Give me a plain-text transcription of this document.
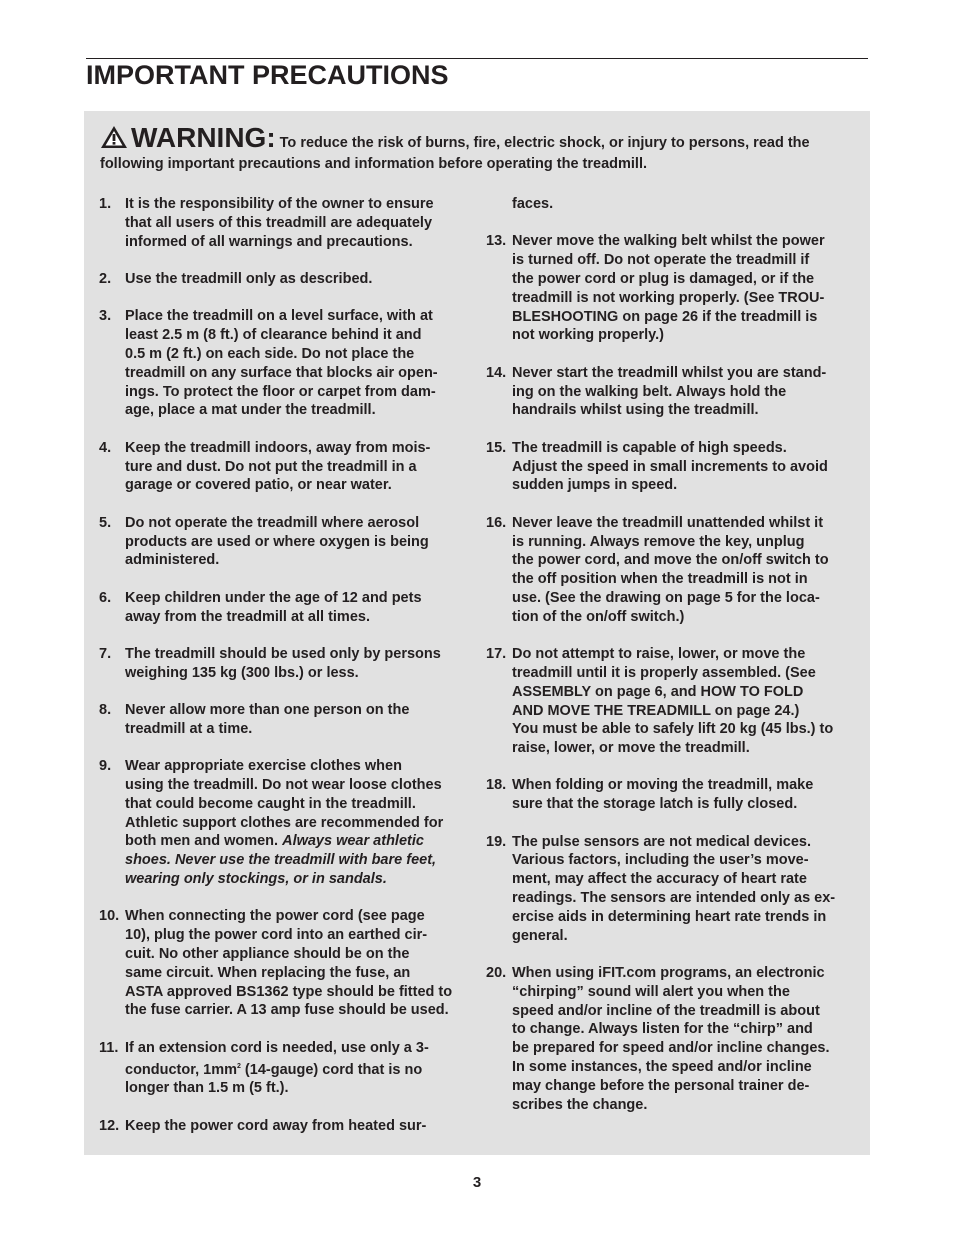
IMPORTANT PRECAUTIONS
WARNING: To reduce the risk of burns, fire, electric shock, or injury to persons, read the following important precautions and information before operating the treadmill.
1. It is the responsibility of the owner to ensure
that all users of this treadmill are adequately
informed of all warnings and precautions.
2. Use the treadmill only as described.
3. Place the treadmill on a level surface, with at
least 2.5 m (8 ft.) of clearance behind it and
0.5 m (2 ft.) on each side. Do not place the
treadmill on any surface that blocks air open-
ings. To protect the floor or carpet from dam-
age, place a mat under the treadmill.
4. Keep the treadmill indoors, away from mois-
ture and dust. Do not put the treadmill in a
garage or covered patio, or near water.
5. Do not operate the treadmill where aerosol
products are used or where oxygen is being
administered.
6. Keep children under the age of 12 and pets
away from the treadmill at all times.
7. The treadmill should be used only by persons
weighing 135 kg (300 lbs.) or less.
8. Never allow more than one person on the
treadmill at a time.
9. Wear appropriate exercise clothes when
using the treadmill. Do not wear loose clothes
that could become caught in the treadmill.
Athletic support clothes are recommended for
both men and women. Always wear athletic
shoes. Never use the treadmill with bare feet,
wearing only stockings, or in sandals.
10. When connecting the power cord (see page
10), plug the power cord into an earthed cir-
cuit. No other appliance should be on the
same circuit. When replacing the fuse, an
ASTA approved BS1362 type should be fitted to
the fuse carrier. A 13 amp fuse should be used.
11. If an extension cord is needed, use only a 3-
conductor, $1mm^2$ (14-gauge) cord that is no
longer than 1.5 m (5 ft.).
12. Keep the power cord away from heated sur-
faces.
13. Never move the walking belt whilst the power
is turned off. Do not operate the treadmill if
the power cord or plug is damaged, or if the
treadmill is not working properly. (See TROU-
BLESHOOTING on page 26 if the treadmill is
not working properly.)
14. Never start the treadmill whilst you are stand-
ing on the walking belt. Always hold the
handrails whilst using the treadmill.
15. The treadmill is capable of high speeds.
Adjust the speed in small increments to avoid
sudden jumps in speed.
16. Never leave the treadmill unattended whilst it
is running. Always remove the key, unplug
the power cord, and move the on/off switch to
the off position when the treadmill is not in
use. (See the drawing on page 5 for the loca-
tion of the on/off switch.)
17. Do not attempt to raise, lower, or move the
treadmill until it is properly assembled. (See
ASSEMBLY on page 6, and HOW TO FOLD
AND MOVE THE TREADMILL on page 24.)
You must be able to safely lift 20 kg (45 lbs.) to
raise, lower, or move the treadmill.
18. When folding or moving the treadmill, make
sure that the storage latch is fully closed.
19. The pulse sensors are not medical devices.
Various factors, including the user’s move-
ment, may affect the accuracy of heart rate
readings. The sensors are intended only as ex-
ercise aids in determining heart rate trends in
general.
20. When using iFIT.com programs, an electronic
“chirping” sound will alert you when the
speed and/or incline of the treadmill is about
to change. Always listen for the “chirp” and
be prepared for speed and/or incline changes.
In some instances, the speed and/or incline
may change before the personal trainer de-
scribes the change.
3
